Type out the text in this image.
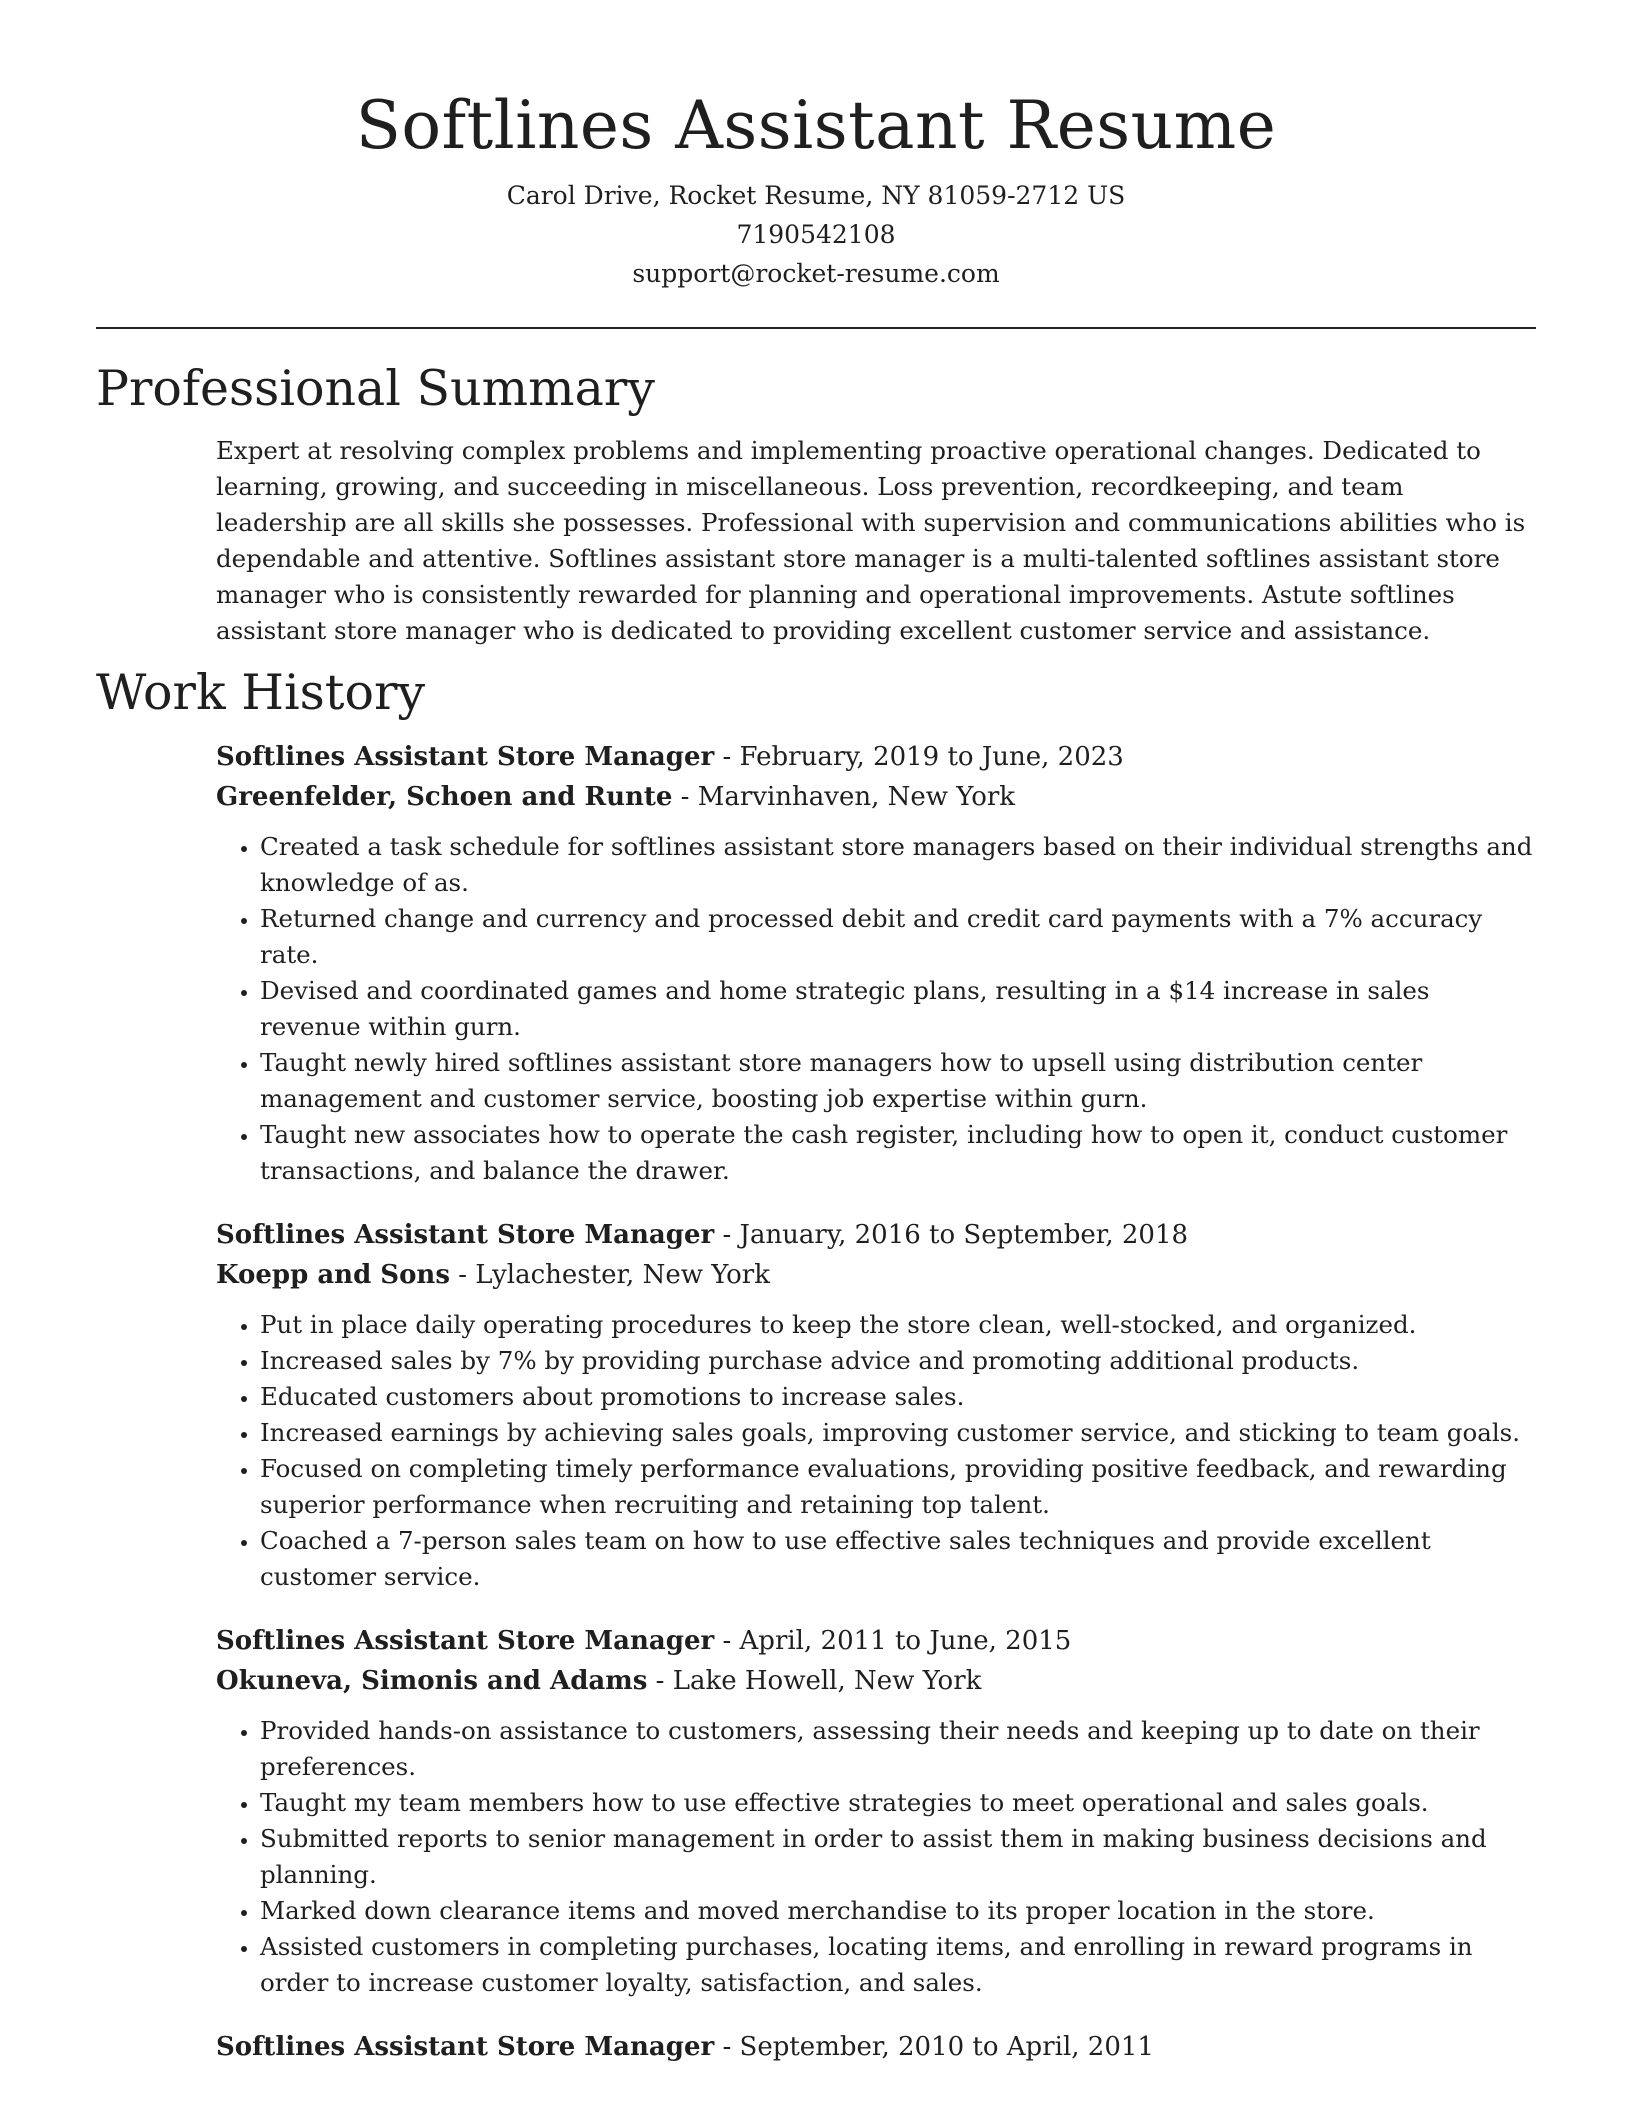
Softlines Assistant Resume

Carol Drive, Rocket Resume, NY 81059-2712 US

7190542108

support@rocket-resume.com

Professional Summary

Expert at resolving complex problems and implementing proactive operational changes. Dedicated to learning, growing, and succeeding in miscellaneous. Loss prevention, recordkeeping, and team leadership are all skills she possesses. Professional with supervision and communications abilities who is dependable and attentive. Softlines assistant store manager is a multi-talented softlines assistant store manager who is consistently rewarded for planning and operational improvements. Astute softlines assistant store manager who is dedicated to providing excellent customer service and assistance.

Work History

Softlines Assistant Store Manager - February, 2019 to June, 2023

Greenfelder, Schoen and Runte - Marvinhaven, New York

• Created a task schedule for softlines assistant store managers based on their individual strengths and knowledge of as.
• Returned change and currency and processed debit and credit card payments with a 7% accuracy rate.
• Devised and coordinated games and home strategic plans, resulting in a $14 increase in sales revenue within gurn.
• Taught newly hired softlines assistant store managers how to upsell using distribution center management and customer service, boosting job expertise within gurn.
• Taught new associates how to operate the cash register, including how to open it, conduct customer transactions, and balance the drawer.

Softlines Assistant Store Manager - January, 2016 to September, 2018

Koepp and Sons - Lylachester, New York

• Put in place daily operating procedures to keep the store clean, well-stocked, and organized.
• Increased sales by 7% by providing purchase advice and promoting additional products.
• Educated customers about promotions to increase sales.
• Increased earnings by achieving sales goals, improving customer service, and sticking to team goals.
• Focused on completing timely performance evaluations, providing positive feedback, and rewarding superior performance when recruiting and retaining top talent.
• Coached a 7-person sales team on how to use effective sales techniques and provide excellent customer service.

Softlines Assistant Store Manager - April, 2011 to June, 2015

Okuneva, Simonis and Adams - Lake Howell, New York

• Provided hands-on assistance to customers, assessing their needs and keeping up to date on their preferences.
• Taught my team members how to use effective strategies to meet operational and sales goals.
• Submitted reports to senior management in order to assist them in making business decisions and planning.
• Marked down clearance items and moved merchandise to its proper location in the store.
• Assisted customers in completing purchases, locating items, and enrolling in reward programs in order to increase customer loyalty, satisfaction, and sales.

Softlines Assistant Store Manager - September, 2010 to April, 2011
